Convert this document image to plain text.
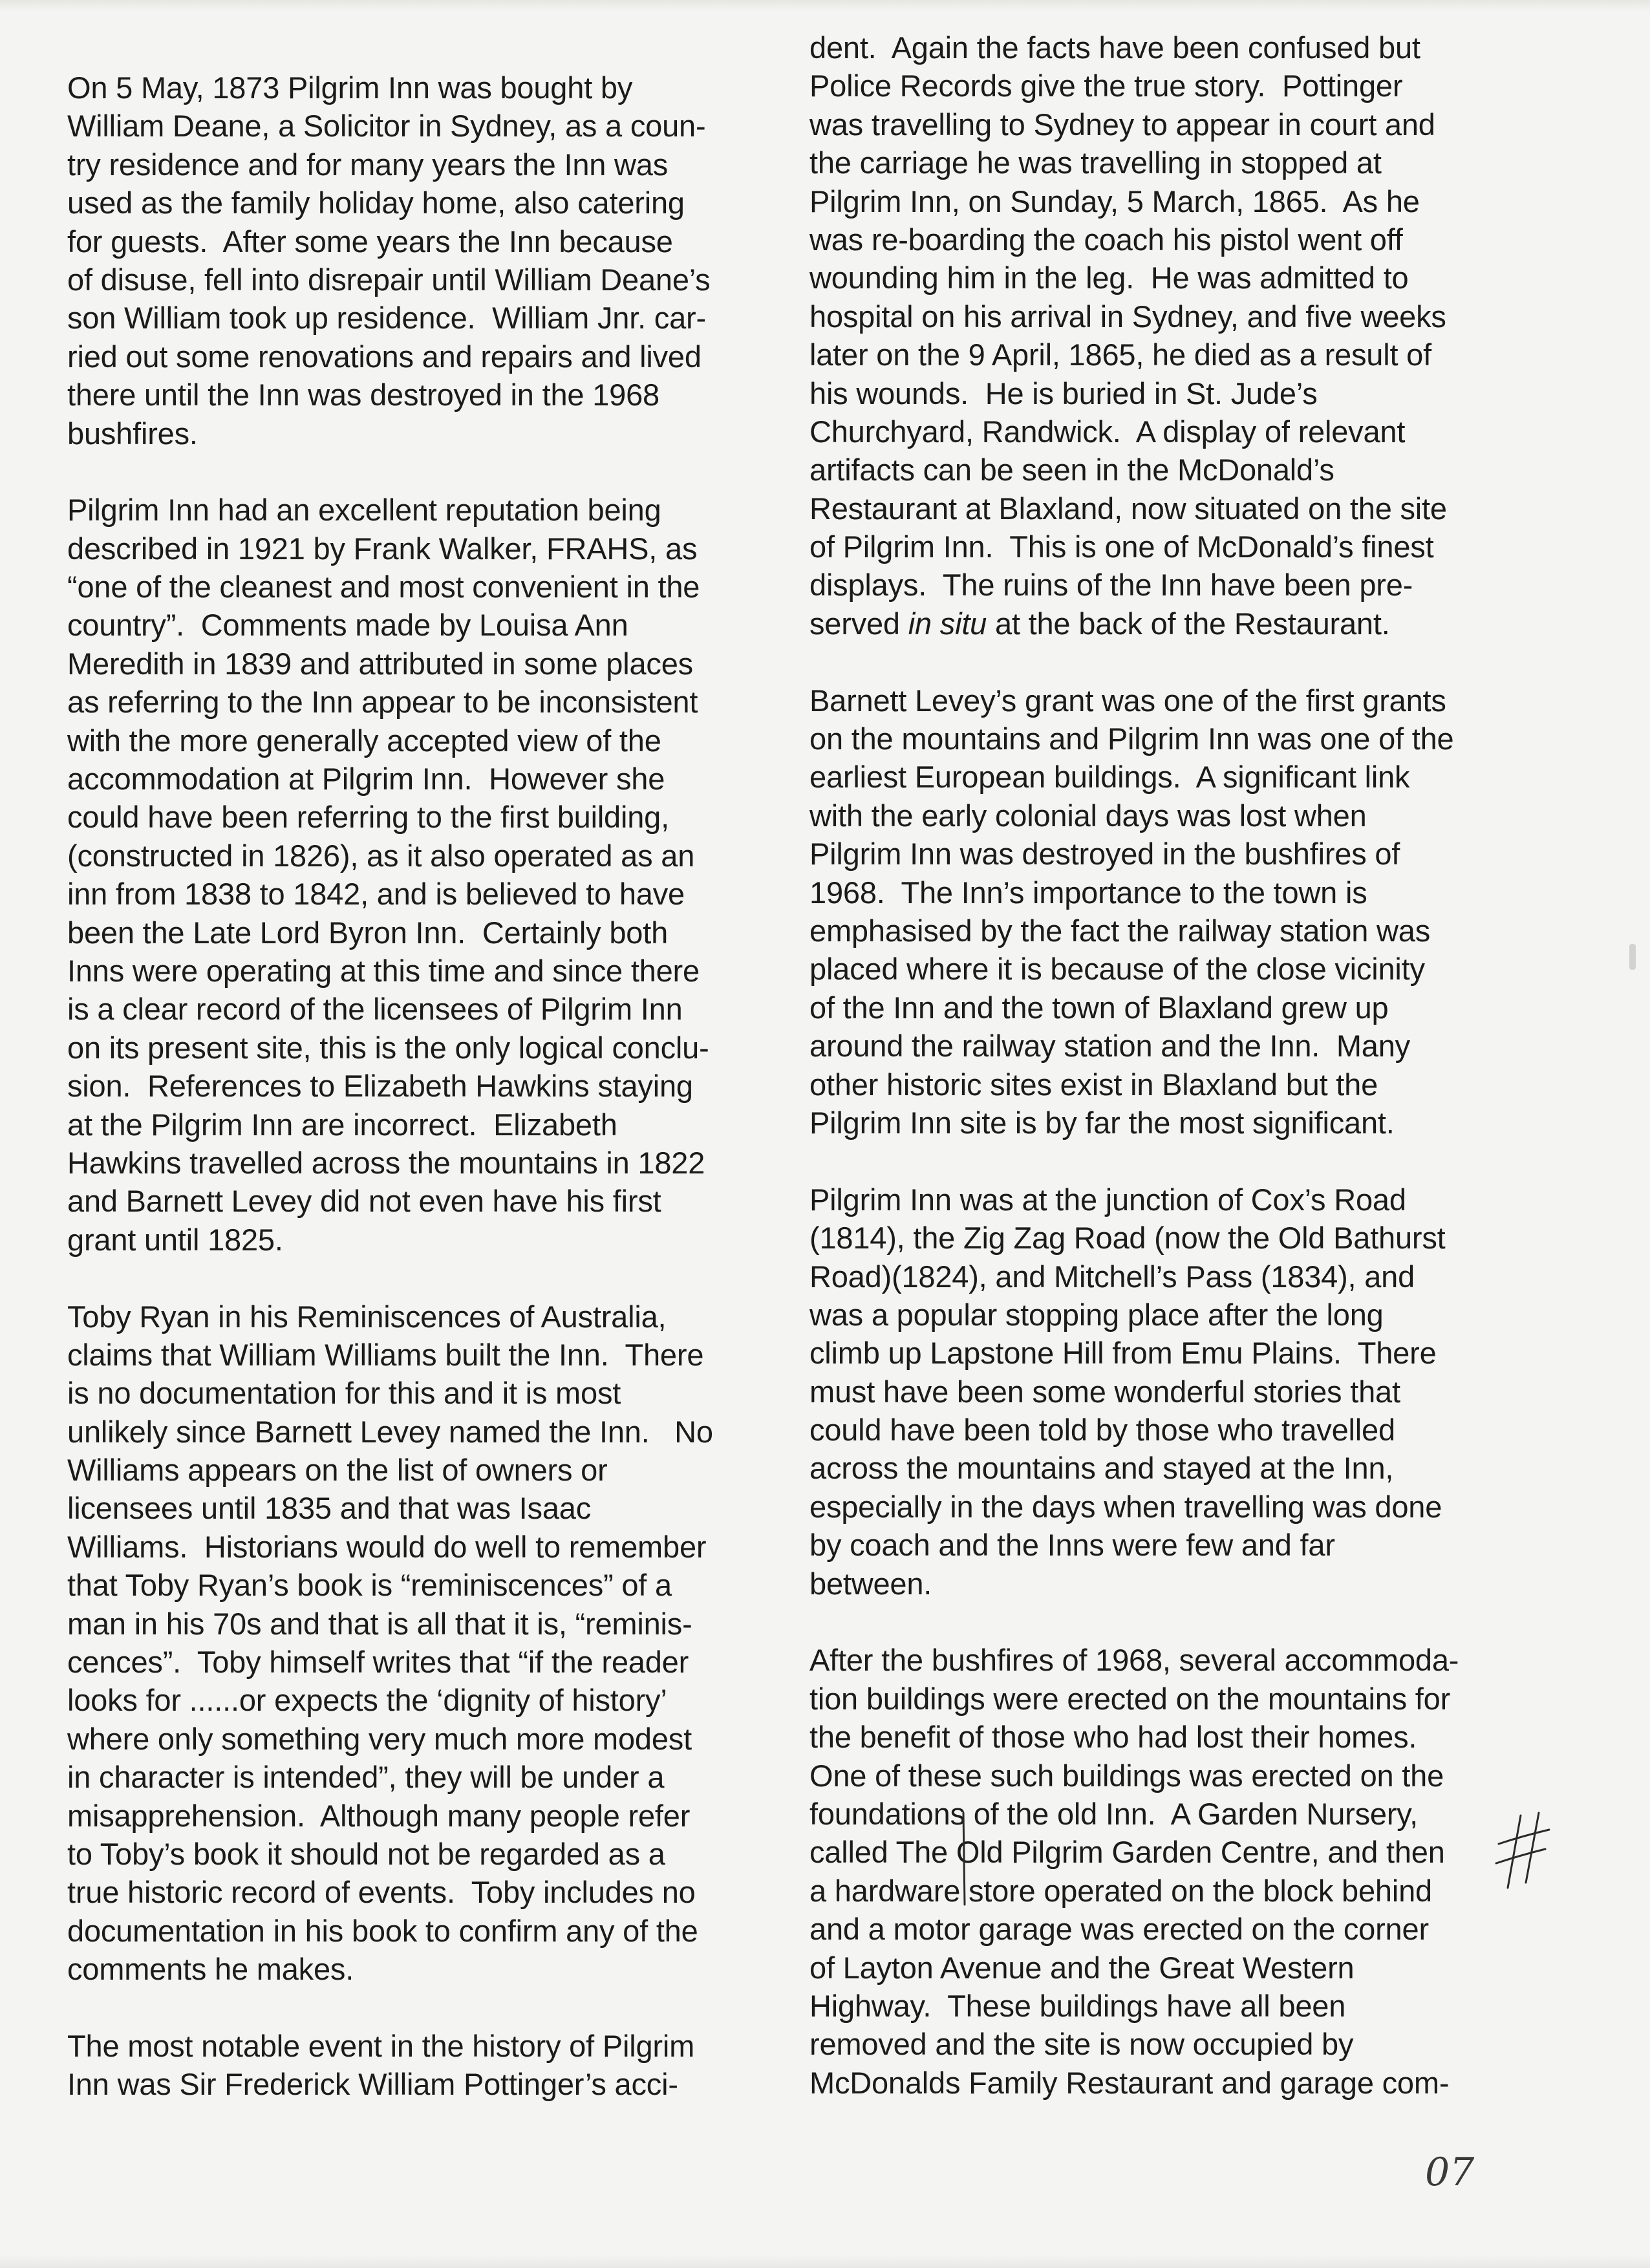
On 5 May, 1873 Pilgrim Inn was bought by
William Deane, a Solicitor in Sydney, as a coun-
try residence and for many years the Inn was
used as the family holiday home, also catering
for guests.  After some years the Inn because
of disuse, fell into disrepair until William Deane’s
son William took up residence.  William Jnr. car-
ried out some renovations and repairs and lived
there until the Inn was destroyed in the 1968
bushfires.
Pilgrim Inn had an excellent reputation being
described in 1921 by Frank Walker, FRAHS, as
“one of the cleanest and most convenient in the
country”.  Comments made by Louisa Ann
Meredith in 1839 and attributed in some places
as referring to the Inn appear to be inconsistent
with the more generally accepted view of the
accommodation at Pilgrim Inn.  However she
could have been referring to the first building,
(constructed in 1826), as it also operated as an
inn from 1838 to 1842, and is believed to have
been the Late Lord Byron Inn.  Certainly both
Inns were operating at this time and since there
is a clear record of the licensees of Pilgrim Inn
on its present site, this is the only logical conclu-
sion.  References to Elizabeth Hawkins staying
at the Pilgrim Inn are incorrect.  Elizabeth
Hawkins travelled across the mountains in 1822
and Barnett Levey did not even have his first
grant until 1825.
Toby Ryan in his Reminiscences of Australia,
claims that William Williams built the Inn.  There
is no documentation for this and it is most
unlikely since Barnett Levey named the Inn.   No
Williams appears on the list of owners or
licensees until 1835 and that was Isaac
Williams.  Historians would do well to remember
that Toby Ryan’s book is “reminiscences” of a
man in his 70s and that is all that it is, “reminis-
cences”.  Toby himself writes that “if the reader
looks for ......or expects the ‘dignity of history’
where only something very much more modest
in character is intended”, they will be under a
misapprehension.  Although many people refer
to Toby’s book it should not be regarded as a
true historic record of events.  Toby includes no
documentation in his book to confirm any of the
comments he makes.
The most notable event in the history of Pilgrim
Inn was Sir Frederick William Pottinger’s acci-
dent.  Again the facts have been confused but
Police Records give the true story.  Pottinger
was travelling to Sydney to appear in court and
the carriage he was travelling in stopped at
Pilgrim Inn, on Sunday, 5 March, 1865.  As he
was re-boarding the coach his pistol went off
wounding him in the leg.  He was admitted to
hospital on his arrival in Sydney, and five weeks
later on the 9 April, 1865, he died as a result of
his wounds.  He is buried in St. Jude’s
Churchyard, Randwick.  A display of relevant
artifacts can be seen in the McDonald’s
Restaurant at Blaxland, now situated on the site
of Pilgrim Inn.  This is one of McDonald’s finest
displays.  The ruins of the Inn have been pre-
served in situ at the back of the Restaurant.
Barnett Levey’s grant was one of the first grants
on the mountains and Pilgrim Inn was one of the
earliest European buildings.  A significant link
with the early colonial days was lost when
Pilgrim Inn was destroyed in the bushfires of
1968.  The Inn’s importance to the town is
emphasised by the fact the railway station was
placed where it is because of the close vicinity
of the Inn and the town of Blaxland grew up
around the railway station and the Inn.  Many
other historic sites exist in Blaxland but the
Pilgrim Inn site is by far the most significant.
Pilgrim Inn was at the junction of Cox’s Road
(1814), the Zig Zag Road (now the Old Bathurst
Road)(1824), and Mitchell’s Pass (1834), and
was a popular stopping place after the long
climb up Lapstone Hill from Emu Plains.  There
must have been some wonderful stories that
could have been told by those who travelled
across the mountains and stayed at the Inn,
especially in the days when travelling was done
by coach and the Inns were few and far
between.
After the bushfires of 1968, several accommoda-
tion buildings were erected on the mountains for
the benefit of those who had lost their homes.
One of these such buildings was erected on the
foundations of the old Inn.  A Garden Nursery,
called The Old Pilgrim Garden Centre, and then
a hardware store operated on the block behind
and a motor garage was erected on the corner
of Layton Avenue and the Great Western
Highway.  These buildings have all been
removed and the site is now occupied by
McDonalds Family Restaurant and garage com-
07
